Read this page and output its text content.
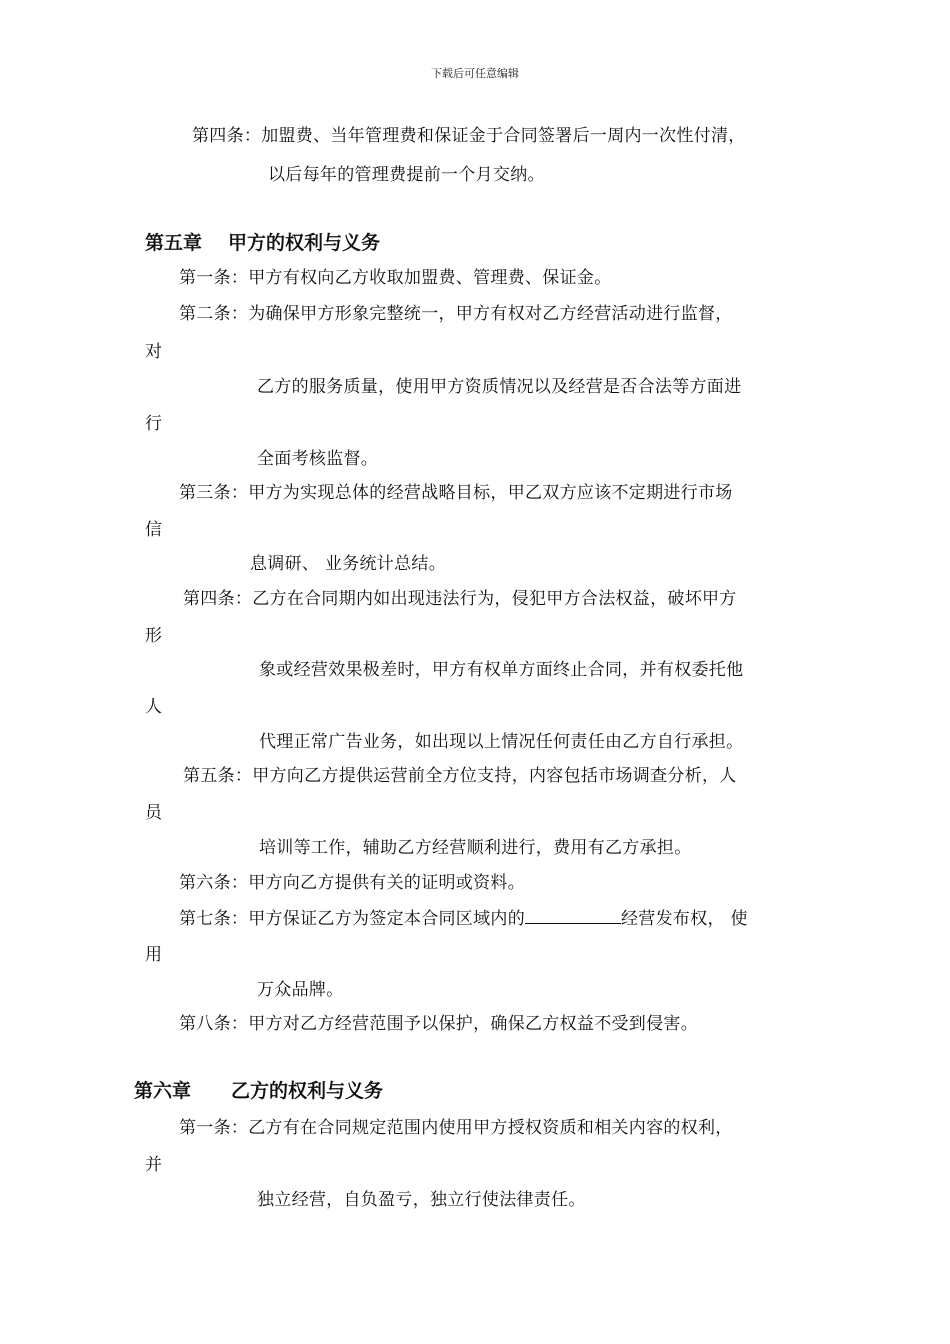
下载后可任意编辑
第四条：加盟费、当年管理费和保证金于合同签署后一周内一次性付清，
以后每年的管理费提前一个月交纳。
第五章 甲方的权利与义务
第一条：甲方有权向乙方收取加盟费、管理费、保证金。
第二条：为确保甲方形象完整统一，甲方有权对乙方经营活动进行监督，
对
乙方的服务质量，使用甲方资质情况以及经营是否合法等方面进
行
全面考核监督。
第三条：甲方为实现总体的经营战略目标，甲乙双方应该不定期进行市场
信
息调研、 业务统计总结。
第四条：乙方在合同期内如出现违法行为，侵犯甲方合法权益，破坏甲方
形
象或经营效果极差时，甲方有权单方面终止合同，并有权委托他
人
代理正常广告业务，如出现以上情况任何责任由乙方自行承担。
第五条：甲方向乙方提供运营前全方位支持，内容包括市场调查分析，人
员
培训等工作，辅助乙方经营顺利进行，费用有乙方承担。
第六条：甲方向乙方提供有关的证明或资料。
第七条：甲方保证乙方为签定本合同区域内的	经营发布权， 使
用
万众品牌。
第八条：甲方对乙方经营范围予以保护，确保乙方权益不受到侵害。
第六章 乙方的权利与义务
第一条：乙方有在合同规定范围内使用甲方授权资质和相关内容的权利，
并
独立经营，自负盈亏，独立行使法律责任。
